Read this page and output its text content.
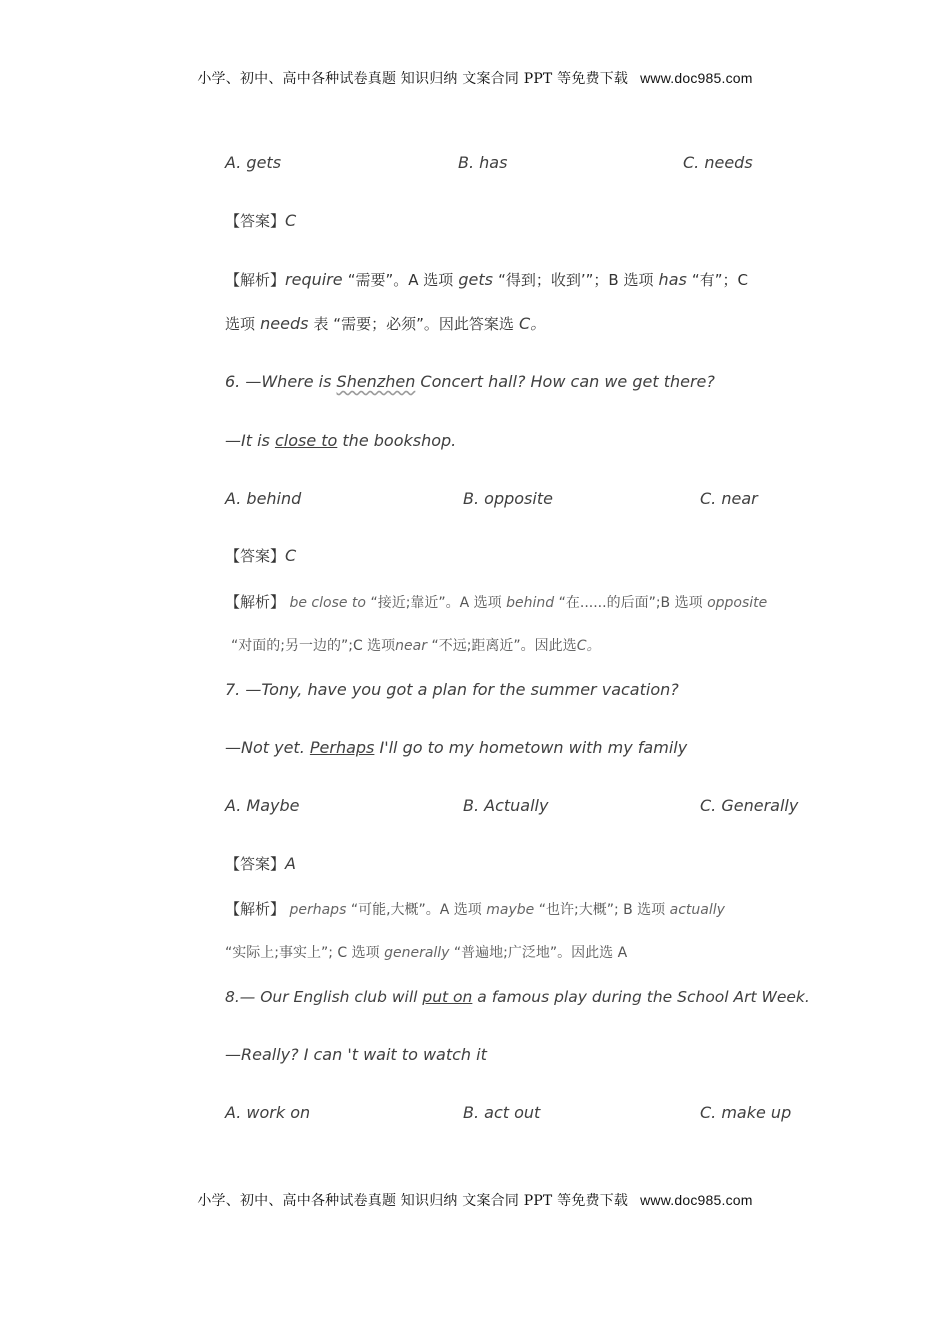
小学、初中、高中各种试卷真题 知识归纳 文案合同 PPT 等免费下载 www.doc985.com
A. gets	B. has	C. needs
【答案】C
【解析】require “需要”。A 选项 gets “得到；收到’”；B 选项 has “有”；C
选项 needs 表 “需要；必须”。因此答案选 C。
6. —Where is Shenzhen Concert hall? How can we get there?
—It is close to the bookshop.
A. behind	B. opposite	C. near
【答案】C
【解析】 be close to “接近;靠近”。A 选项 behind “在......的后面”;B 选项 opposite
“对面的;另一边的”;C 选项near “不远;距离近”。因此选C。
7. —Tony, have you got a plan for the summer vacation?
—Not yet. Perhaps I'll go to my hometown with my family
A. Maybe	B. Actually	C. Generally
【答案】A
【解析】 perhaps “可能,大概”。A 选项 maybe “也许;大概”; B 选项 actually
“实际上;事实上”; C 选项 generally “普遍地;广泛地”。因此选 A
8.— Our English club will put on a famous play during the School Art Week.
—Really? I can 't wait to watch it
A. work on	B. act out	C. make up
小学、初中、高中各种试卷真题 知识归纳 文案合同 PPT 等免费下载 www.doc985.com
